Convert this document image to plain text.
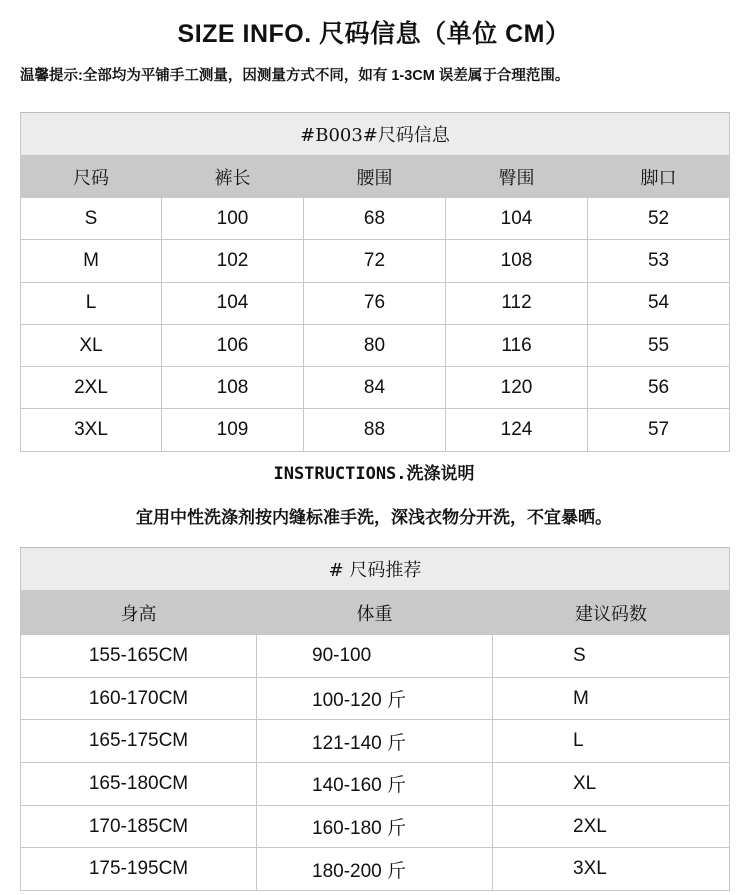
SIZE INFO. 尺码信息（单位 CM）
温馨提示:全部均为平铺手工测量，因测量方式不同，如有 1-3CM 误差属于合理范围。
#B003#尺码信息				
尺码	裤长	腰围	臀围	脚口
S	100	68	104	52
M	102	72	108	53
L	104	76	112	54
XL	106	80	116	55
2XL	108	84	120	56
3XL	109	88	124	57
INSTRUCTIONS.洗涤说明
宜用中性洗涤剂按内缝标准手洗，深浅衣物分开洗，不宜暴晒。
# 尺码推荐		
身高	体重	建议码数
155-165CM	90-100	S
160-170CM	100-120 斤	M
165-175CM	121-140 斤	L
165-180CM	140-160 斤	XL
170-185CM	160-180 斤	2XL
175-195CM	180-200 斤	3XL
